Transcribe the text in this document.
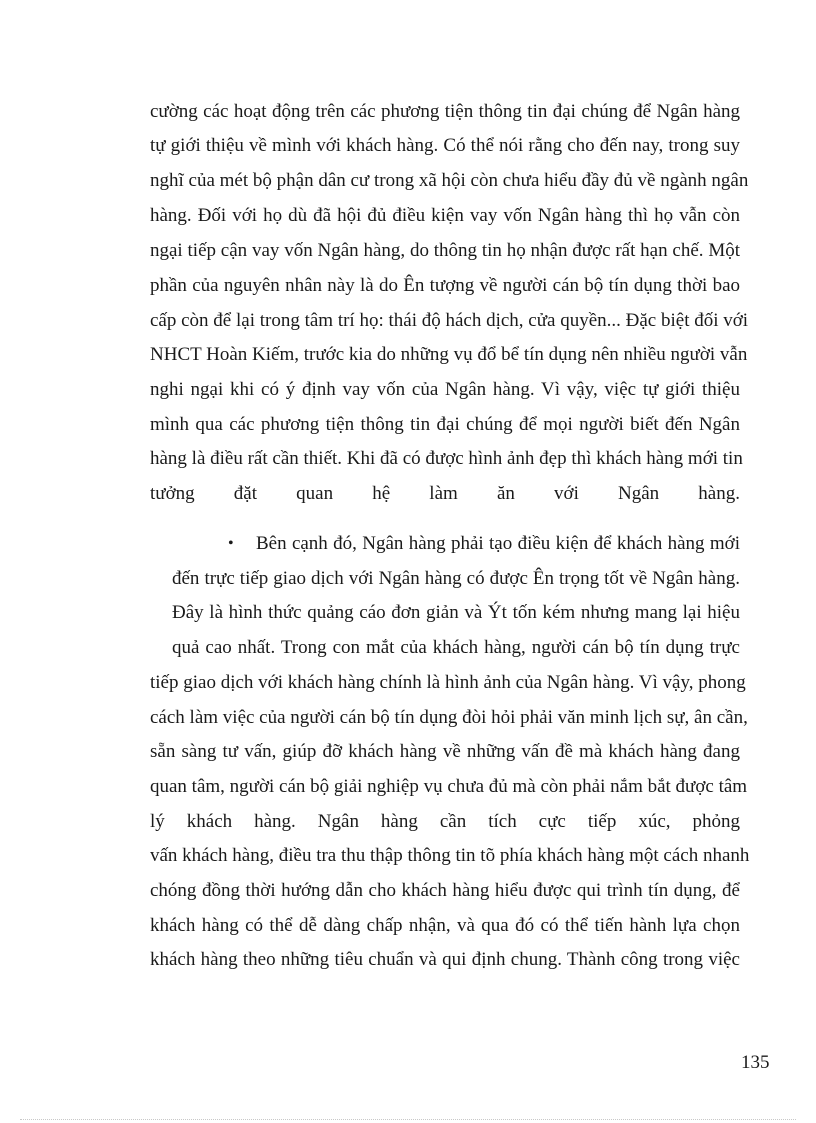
cường các hoạt động trên các phương tiện thông tin đại chúng để Ngân hàng
tự giới thiệu về mình với khách hàng. Có thể nói rằng cho đến nay, trong suy
nghĩ của mét bộ phận dân cư trong xã hội còn chưa hiểu đầy đủ về ngành ngân
hàng. Đối với họ dù đã hội đủ điều kiện vay vốn Ngân hàng thì họ vẫn còn
ngại tiếp cận vay vốn Ngân hàng, do thông tin họ nhận được rất hạn chế. Một
phần của nguyên nhân này là do Ên tượng về người cán bộ tín dụng thời bao
cấp còn để lại trong tâm trí họ: thái độ hách dịch, cửa quyền... Đặc biệt đối với
NHCT Hoàn Kiếm, trước kia do những vụ đổ bể tín dụng nên nhiều người vẫn
nghi ngại khi có ý định vay vốn của Ngân hàng. Vì vậy, việc tự giới thiệu
mình qua các phương tiện thông tin đại chúng để mọi người biết đến Ngân
hàng là điều rất cần thiết. Khi đã có được hình ảnh đẹp thì khách hàng mới tin
tưởng đặt quan hệ làm ăn với Ngân hàng.
• Bên cạnh đó, Ngân hàng phải tạo điều kiện để khách hàng mới
đến trực tiếp giao dịch với Ngân hàng có được Ên trọng tốt về Ngân hàng.
Đây là hình thức quảng cáo đơn giản và Ýt tốn kém nhưng mang lại hiệu
quả cao nhất. Trong con mắt của khách hàng, người cán bộ tín dụng trực
tiếp giao dịch với khách hàng chính là hình ảnh của Ngân hàng. Vì vậy, phong
cách làm việc của người cán bộ tín dụng đòi hỏi phải văn minh lịch sự, ân cần,
sẵn sàng tư vấn, giúp đỡ khách hàng về những vấn đề mà khách hàng đang
quan tâm, người cán bộ giải nghiệp vụ chưa đủ mà còn phải nắm bắt được tâm
lý khách hàng. Ngân hàng cần tích cực tiếp xúc, phỏng
vấn khách hàng, điều tra thu thập thông tin tõ phía khách hàng một cách nhanh
chóng đồng thời hướng dẫn cho khách hàng hiểu được qui trình tín dụng, để
khách hàng có thể dễ dàng chấp nhận, và qua đó có thể tiến hành lựa chọn
khách hàng theo những tiêu chuẩn và qui định chung. Thành công trong việc
135
